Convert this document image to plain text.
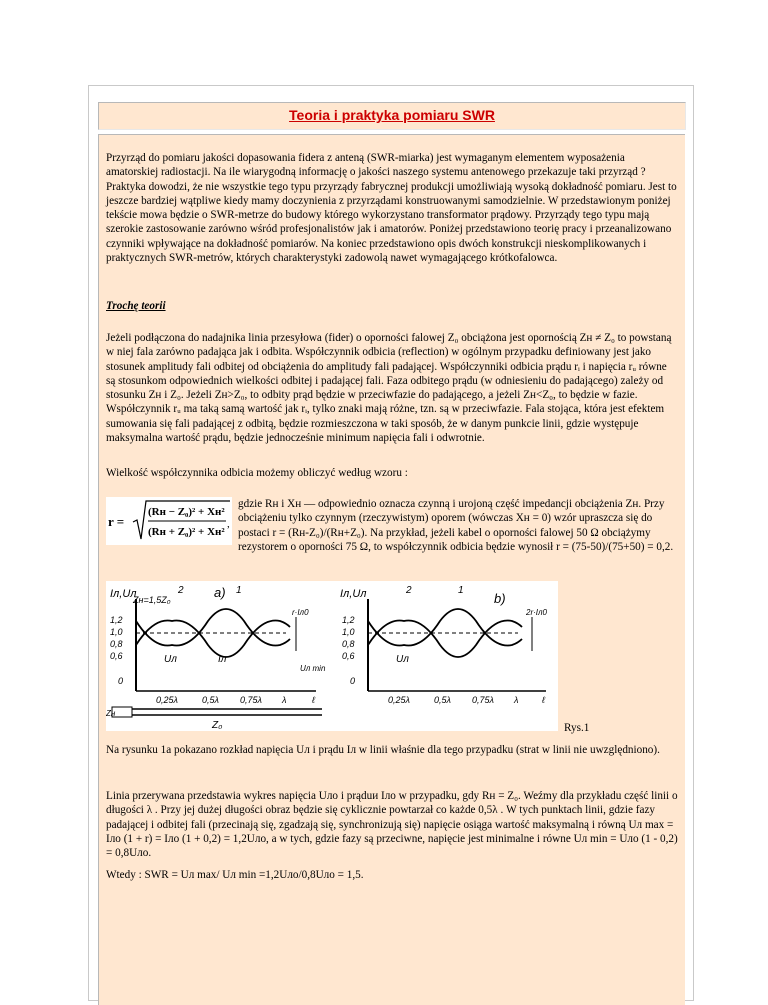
Teoria i praktyka pomiaru SWR

Przyrząd do pomiaru jakości dopasowania fidera z anteną (SWR-miarka) jest wymaganym elementem wyposażenia amatorskiej radiostacji. Na ile wiarygodną informację o jakości naszego systemu antenowego przekazuje taki przyrząd ? Praktyka dowodzi, że nie wszystkie tego typu przyrządy fabrycznej produkcji umożliwiają wysoką dokładność pomiaru. Jest to jeszcze bardziej wątpliwe kiedy mamy doczynienia z przyrządami konstruowanymi samodzielnie. W przedstawionym poniżej tekście mowa będzie o SWR-metrze do budowy którego wykorzystano transformator prądowy. Przyrządy tego typu mają szerokie zastosowanie zarówno wśród profesjonalistów jak i amatorów. Poniżej przedstawiono teorię pracy i przeanalizowano czynniki wpływające na dokładność pomiarów. Na koniec przedstawiono opis dwóch konstrukcji nieskomplikowanych i praktycznych SWR-metrów, których charakterystyki zadowolą nawet wymagającego krótkofalowca.

Trochę teorii

Jeżeli podłączona do nadajnika linia przesyłowa (fider) o oporności falowej Z₀ obciążona jest opornością Zн ≠ Z₀ to powstaną w niej fala zarówno padająca jak i odbita. Współczynnik odbicia (reflection) w ogólnym przypadku definiowany jest jako stosunek amplitudy fali odbitej od obciążenia do amplitudy fali padającej. Współczynniki odbicia prądu rᵢ i napięcia rᵤ równe są stosunkom odpowiednich wielkości odbitej i padającej fali. Faza odbitego prądu (w odniesieniu do padającego) zależy od stosunku Zн i Z₀. Jeżeli Zн>Z₀, to odbity prąd będzie w przeciwfazie do padającego, a jeżeli Zн<Z₀, to będzie w fazie. Współczynnik rᵤ ma taką samą wartość jak rᵢ, tylko znaki mają różne, tzn. są w przeciwfazie. Fala stojąca, która jest efektem sumowania się fali padającej z odbitą, będzie rozmieszczona w taki sposób, że w danym punkcie linii, gdzie występuje maksymalna wartość prądu, będzie jednocześnie minimum napięcia fali i odwrotnie.

Wielkość współczynnika odbicia możemy obliczyć według wzoru :

r =
(Rн − Z₀)² + Xн²
(Rн + Z₀)² + Xн²
,

gdzie Rн i Xн — odpowiednio oznacza czynną i urojoną część impedancji obciążenia Zн. Przy obciążeniu tylko czynnym (rzeczywistym) oporem (wówczas Xн = 0) wzór upraszcza się do postaci r = (Rн-Z₀)/(Rн+Z₀). Na przykład, jeżeli kabel o oporności falowej 50 Ω obciążymy rezystorem o oporności 75 Ω, to współczynnik odbicia będzie wynosił r = (75-50)/(75+50) = 0,2.

Iл,Uл
Zн=1,5Z₀	a)
1,2
1,0
0,8
0,6
0
Uл	Iл
2	1
r·Iл0
Uл min
0,25λ	0,5λ 0,75λ λ	ℓ
Zн
Z₀
Iл,Uл	b)
1,2
1,0
0,8
0,6
0
Uл
2	1
2r·Iл0
0,25λ	0,5λ 0,75λ λ	ℓ
Rys.1

Na rysunku 1a pokazano rozkład napięcia Uл i prądu Iл w linii właśnie dla tego przypadku (strat w linii nie uwzględniono).

Linia przerywana przedstawia wykres napięcia Uло i prąduи Iло w przypadku, gdy Rн = Z₀. Weźmy dla przykładu część linii o długości λ . Przy jej dużej długości obraz będzie się cyklicznie powtarzał co każde 0,5λ . W tych punktach linii, gdzie fazy padającej i odbitej fali (przecinają się, zgadzają się, synchronizują się) napięcie osiąga wartość maksymalną i równą Uл max = Iло (1 + r) = Iло (1 + 0,2) = 1,2Uло, a w tych, gdzie fazy są przeciwne, napięcie jest minimalne i równe Uл min = Uло (1 - 0,2) = 0,8Uло.

Wtedy : SWR = Uл max/ Uл min =1,2Uло/0,8Uло = 1,5.
